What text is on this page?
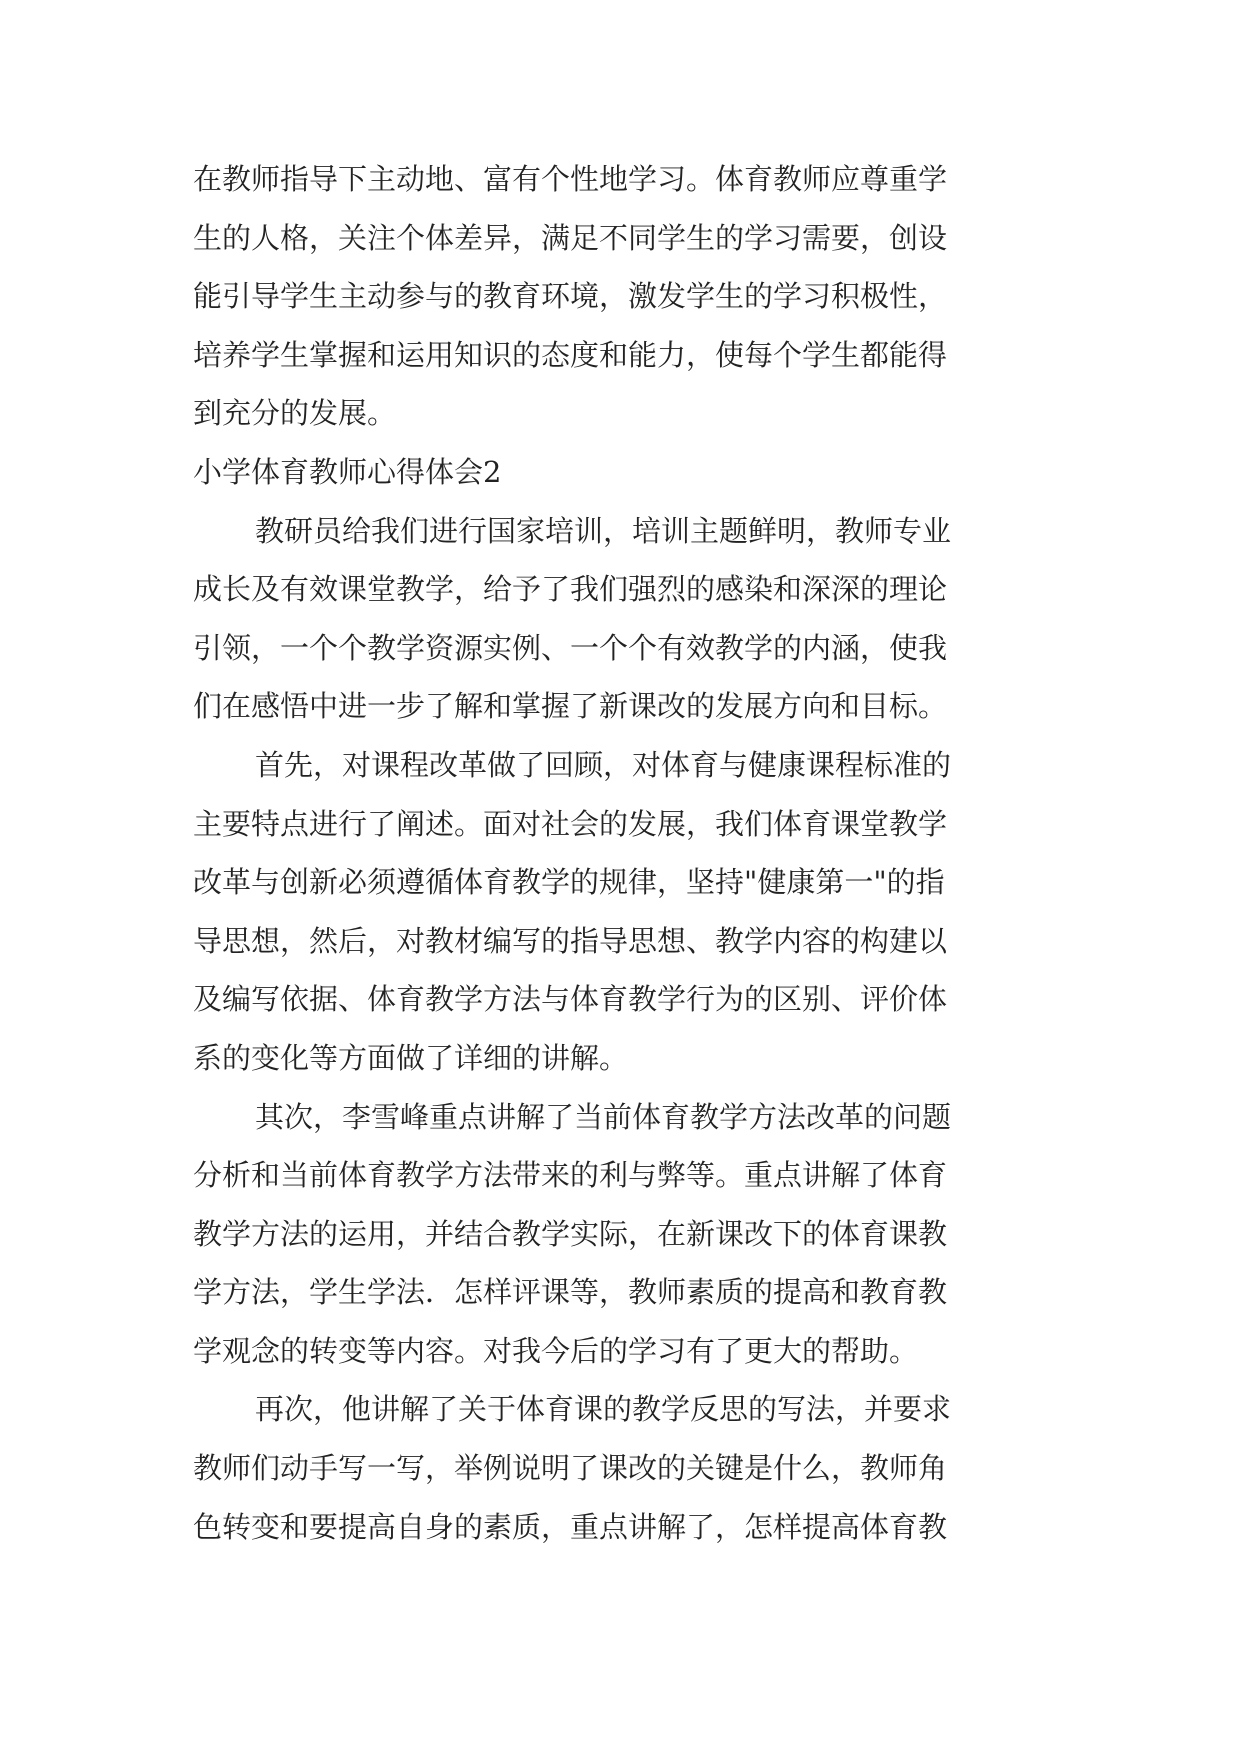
在教师指导下主动地、富有个性地学习。体育教师应尊重学
生的人格，关注个体差异，满足不同学生的学习需要，创设
能引导学生主动参与的教育环境，激发学生的学习积极性，
培养学生掌握和运用知识的态度和能力，使每个学生都能得
到充分的发展。
小学体育教师心得体会2
教研员给我们进行国家培训，培训主题鲜明，教师专业
成长及有效课堂教学，给予了我们强烈的感染和深深的理论
引领，一个个教学资源实例、一个个有效教学的内涵，使我
们在感悟中进一步了解和掌握了新课改的发展方向和目标。
首先，对课程改革做了回顾，对体育与健康课程标准的
主要特点进行了阐述。面对社会的发展，我们体育课堂教学
改革与创新必须遵循体育教学的规律，坚持"健康第一"的指
导思想，然后，对教材编写的指导思想、教学内容的构建以
及编写依据、体育教学方法与体育教学行为的区别、评价体
系的变化等方面做了详细的讲解。
其次，李雪峰重点讲解了当前体育教学方法改革的问题
分析和当前体育教学方法带来的利与弊等。重点讲解了体育
教学方法的运用，并结合教学实际，在新课改下的体育课教
学方法，学生学法．怎样评课等，教师素质的提高和教育教
学观念的转变等内容。对我今后的学习有了更大的帮助。
再次，他讲解了关于体育课的教学反思的写法，并要求
教师们动手写一写，举例说明了课改的关键是什么，教师角
色转变和要提高自身的素质，重点讲解了，怎样提高体育教
